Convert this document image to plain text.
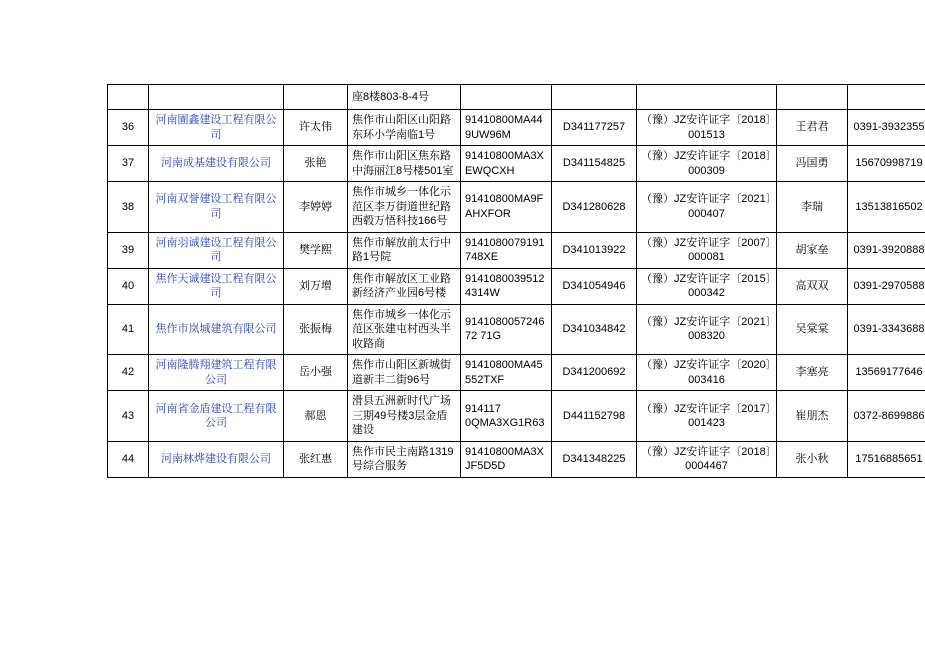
			座8楼803-8-4号					
36	河南圊鑫建设工程有限公司	许太伟	焦作市山阳区山阳路东环小学南临1号	91410800MA449UW96M	D341177257	（豫）JZ安许证字〔2018〕
001513	王君君	0391-3932355
37	河南成基建设有限公司	张艳	焦作市山阳区焦东路中海丽江8号楼501室	91410800MA3XEWQCXH	D341154825	（豫）JZ安许证字〔2018〕
000309	冯国勇	15670998719
38	河南双誉建设工程有限公司	李婷婷	焦作市城乡一体化示范区李万街道世纪路西毂万悟科技166号	91410800MA9FAHXFOR	D341280628	（豫）JZ安许证字〔2021〕
000407	李瑞	13513816502
39	河南羽诚建设工程有限公司	樊学熙	焦作市解放前太行中路1号院	9141080079191748XE	D341013922	（豫）JZ安许证字〔2007〕
000081	胡家垒	0391-3920888
40	焦作天诚建设工程有限公司	刘万增	焦作市解放区工业路新经济产业园6号楼	91410800395124314W	D341054946	（豫）JZ安许证字〔2015〕
000342	高双双	0391-2970588
41	焦作市岚城建筑有限公司	张振梅	焦作市城乡一体化示范区张建屯村西头半收路商	914108005724672 71G	D341034842	（豫）JZ安许证字〔2021〕
008320	吴棠棠	0391-3343688
42	河南隆腾翔建筑工程有限公司	岳小强	焦作市山阳区新城街道新丰二街96号	91410800MA45552TXF	D341200692	（豫）JZ安许证字〔2020〕
003416	李塞亮	13569177646
43	河南省金盾建设工程有限公司	郝恩	滑县五洲新时代广场三期49号楼3层金盾建设	914117 0QMA3XG1R63	D441152798	（豫）JZ安许证字〔2017〕
001423	崔朋杰	0372-8699886
44	河南林烨建设有限公司	张红惠	焦作市民主南路1319号综合服务	91410800MA3XJF5D5D	D341348225	（豫）JZ安许证字〔2018〕
0004467	张小秋	17516885651
